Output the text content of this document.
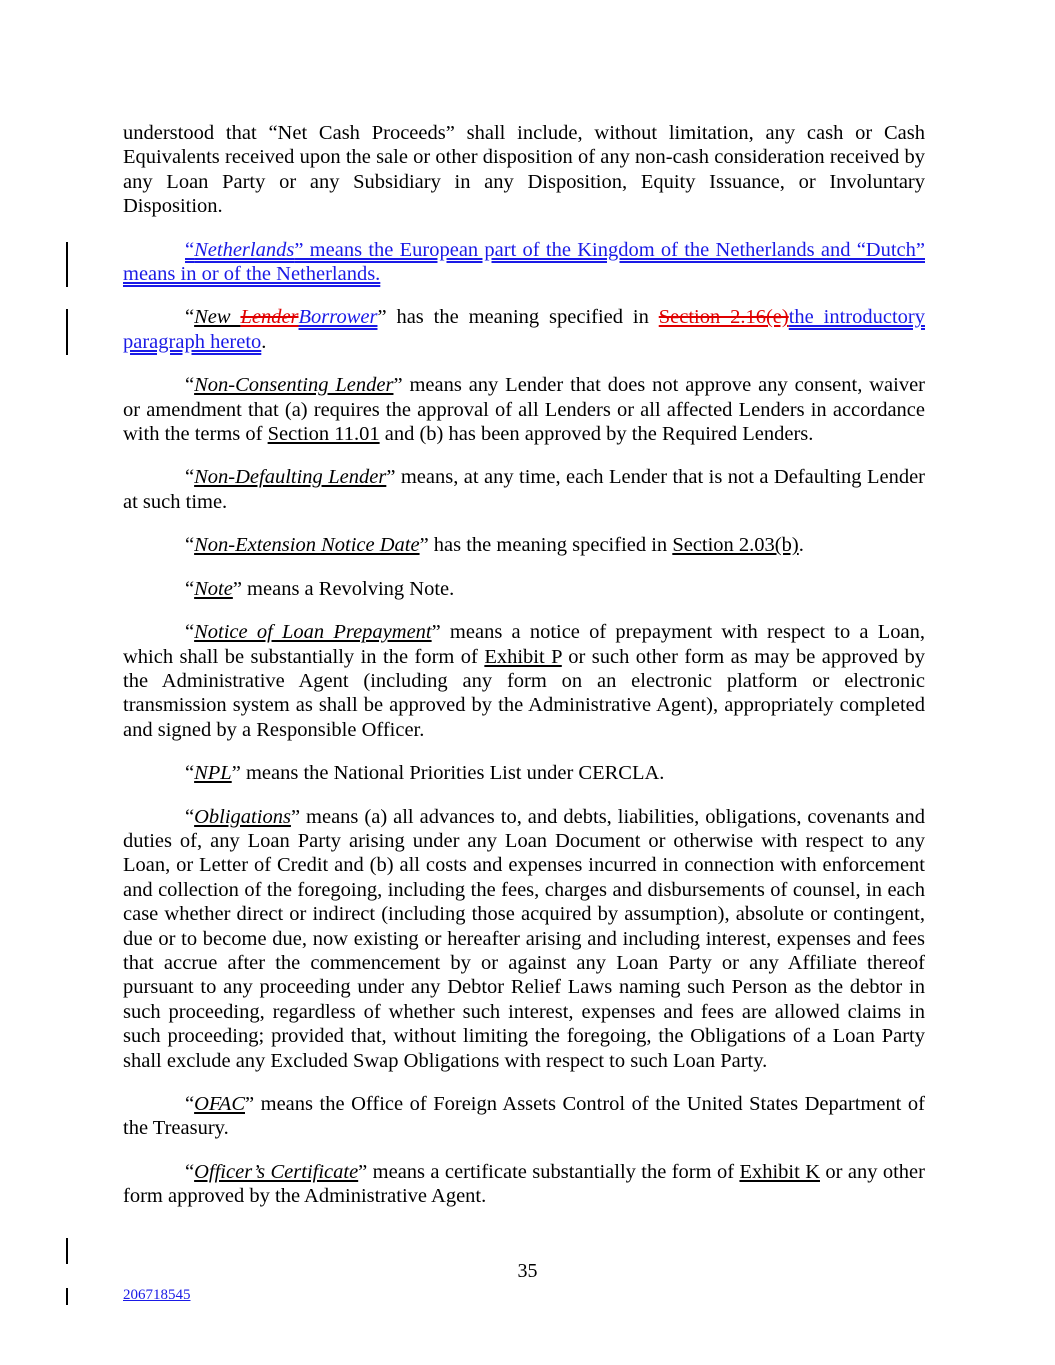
understood that “Net Cash Proceeds” shall include, without limitation, any cash or Cash Equivalents received upon the sale or other disposition of any non-cash consideration received by any Loan Party or any Subsidiary in any Disposition, Equity Issuance, or Involuntary Disposition.

“Netherlands” means the European part of the Kingdom of the Netherlands and “Dutch” means in or of the Netherlands.

“New LenderBorrower” has the meaning specified in Section 2.16(e)the introductory paragraph hereto.

“Non-Consenting Lender” means any Lender that does not approve any consent, waiver or amendment that (a) requires the approval of all Lenders or all affected Lenders in accordance with the terms of Section 11.01 and (b) has been approved by the Required Lenders.

“Non-Defaulting Lender” means, at any time, each Lender that is not a Defaulting Lender at such time.

“Non-Extension Notice Date” has the meaning specified in Section 2.03(b).

“Note” means a Revolving Note.

“Notice of Loan Prepayment” means a notice of prepayment with respect to a Loan, which shall be substantially in the form of Exhibit P or such other form as may be approved by the Administrative Agent (including any form on an electronic platform or electronic transmission system as shall be approved by the Administrative Agent), appropriately completed and signed by a Responsible Officer.

“NPL” means the National Priorities List under CERCLA.

“Obligations” means (a) all advances to, and debts, liabilities, obligations, covenants and duties of, any Loan Party arising under any Loan Document or otherwise with respect to any Loan, or Letter of Credit and (b) all costs and expenses incurred in connection with enforcement and collection of the foregoing, including the fees, charges and disbursements of counsel, in each case whether direct or indirect (including those acquired by assumption), absolute or contingent, due or to become due, now existing or hereafter arising and including interest, expenses and fees that accrue after the commencement by or against any Loan Party or any Affiliate thereof pursuant to any proceeding under any Debtor Relief Laws naming such Person as the debtor in such proceeding, regardless of whether such interest, expenses and fees are allowed claims in such proceeding; provided that, without limiting the foregoing, the Obligations of a Loan Party shall exclude any Excluded Swap Obligations with respect to such Loan Party.

“OFAC” means the Office of Foreign Assets Control of the United States Department of the Treasury.

“Officer’s Certificate” means a certificate substantially the form of Exhibit K or any other form approved by the Administrative Agent.

35
206718545
